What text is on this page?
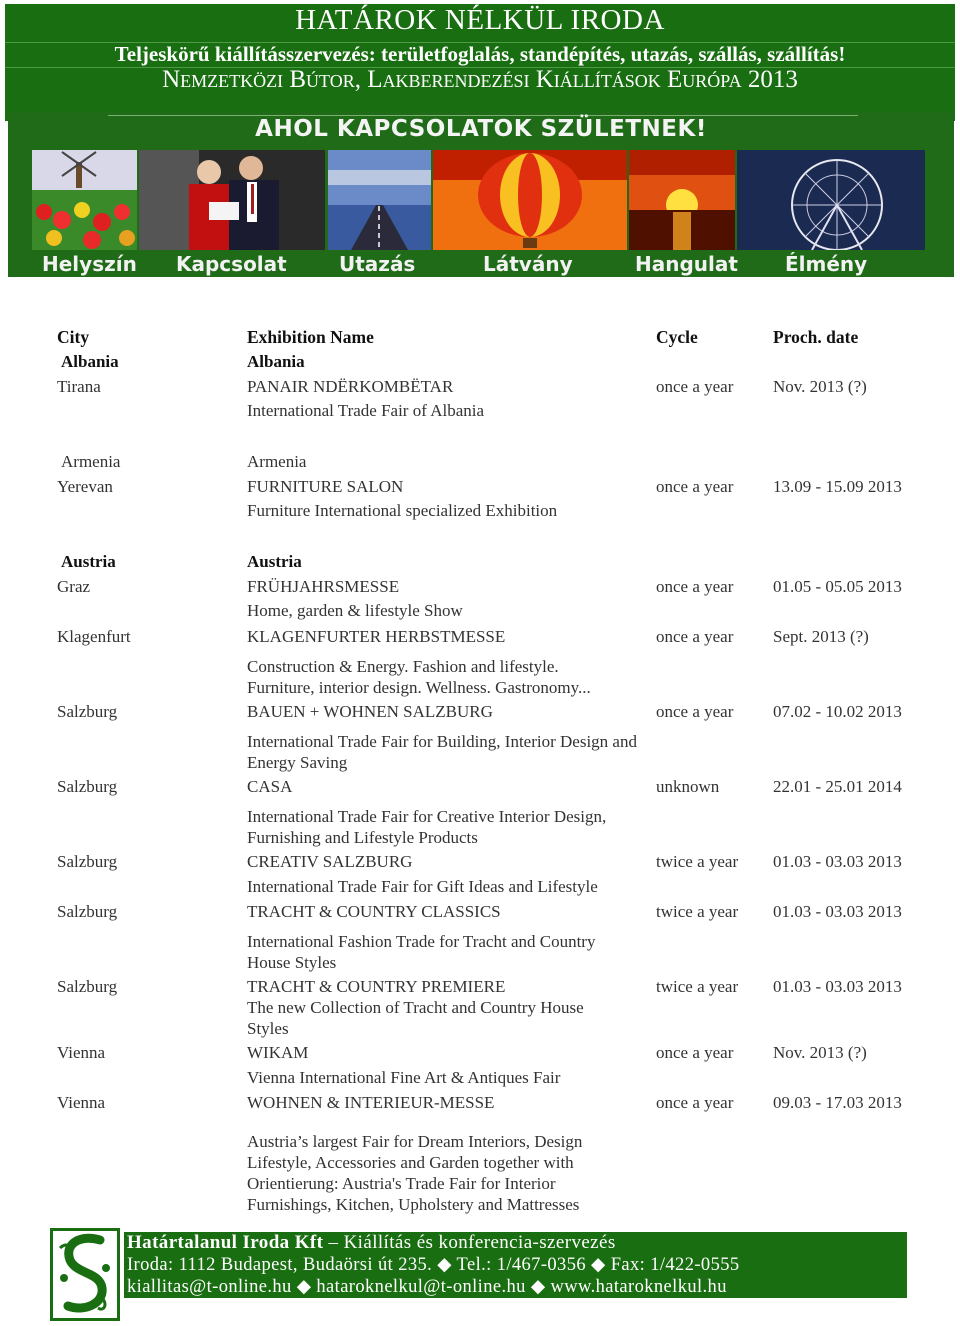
HATÁROK NÉLKÜL IRODA
Teljeskörű kiállításszervezés: területfoglalás, standépítés, utazás, szállás, szállítás!
Nemzetközi Bútor, Lakberendezési Kiállítások Európa 2013
AHOL KAPCSOLATOK SZÜLETNEK!
Helyszín Kapcsolat	Utazás	Látvány	Hangulat Élmény
City	Exhibition Name	Cycle	Proch. date
Albania	Albania
Tirana	PANAIR NDËRKOMBËTAR	once a year Nov. 2013 (?)
International Trade Fair of Albania
Armenia	Armenia
Yerevan	FURNITURE SALON	once a year 13.09 - 15.09 2013
Furniture International specialized Exhibition
Austria	Austria
Graz	FRÜHJAHRSMESSE	once a year 01.05 - 05.05 2013
Home, garden & lifestyle Show
Klagenfurt	KLAGENFURTER HERBSTMESSE	once a year Sept. 2013 (?)
Construction & Energy. Fashion and lifestyle. Furniture, interior design. Wellness. Gastronomy...
Salzburg	BAUEN + WOHNEN SALZBURG	once a year 07.02 - 10.02 2013
International Trade Fair for Building, Interior Design and Energy Saving
Salzburg	CASA	unknown	22.01 - 25.01 2014
International Trade Fair for Creative Interior Design, Furnishing and Lifestyle Products
Salzburg	CREATIV SALZBURG	twice a year 01.03 - 03.03 2013
International Trade Fair for Gift Ideas and Lifestyle
Salzburg	TRACHT & COUNTRY CLASSICS	twice a year 01.03 - 03.03 2013
International Fashion Trade for Tracht and Country House Styles
Salzburg	TRACHT & COUNTRY PREMIERE	twice a year 01.03 - 03.03 2013
The new Collection of Tracht and Country House Styles
Vienna	WIKAM	once a year Nov. 2013 (?)
Vienna International Fine Art & Antiques Fair
Vienna	WOHNEN & INTERIEUR-MESSE	once a year 09.03 - 17.03 2013
Austria’s largest Fair for Dream Interiors, Design Lifestyle, Accessories and Garden together with Orientierung: Austria's Trade Fair for Interior Furnishings, Kitchen, Upholstery and Mattresses
Határtalanul Iroda Kft – Kiállítás és konferencia-szervezés
Iroda: 1112 Budapest, Budaörsi út 235. ◆ Tel.: 1/467-0356 ◆ Fax: 1/422-0555
kiallitas@t-online.hu ◆ hataroknelkul@t-online.hu ◆ www.hataroknelkul.hu
